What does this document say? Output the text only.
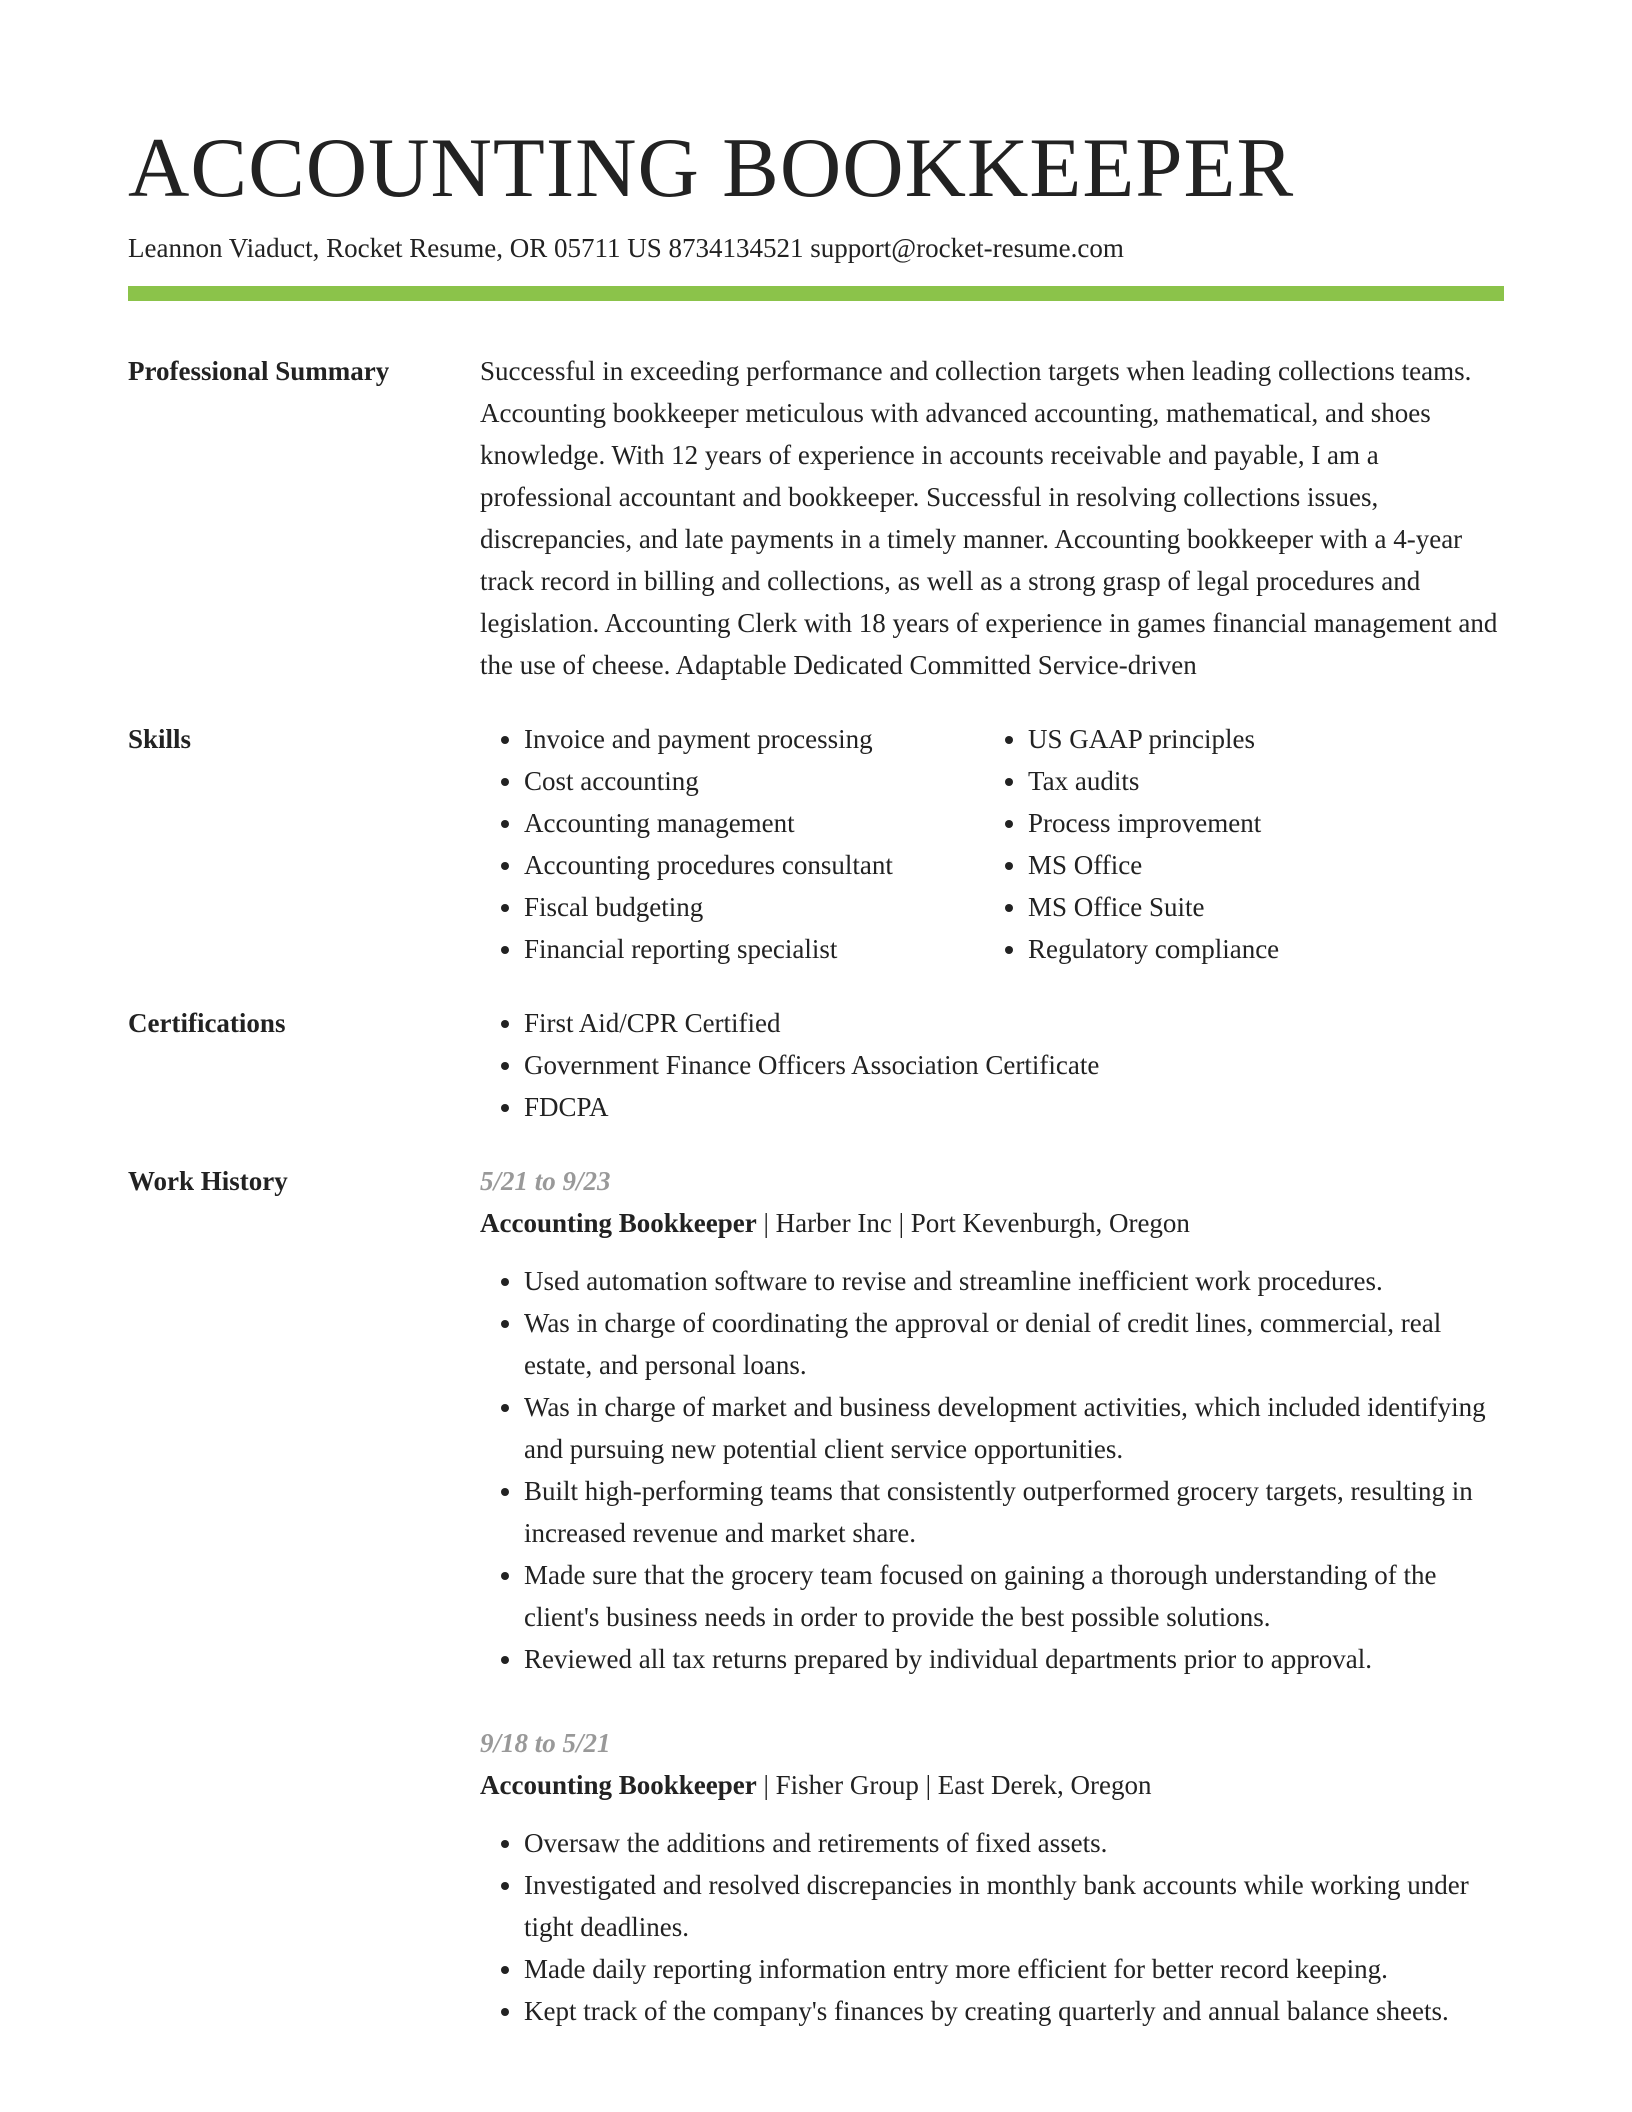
ACCOUNTING BOOKKEEPER
Leannon Viaduct, Rocket Resume, OR 05711 US 8734134521 support@rocket-resume.com
Professional Summary	Successful in exceeding performance and collection targets when leading collections teams. Accounting bookkeeper meticulous with advanced accounting, mathematical, and shoes knowledge. With 12 years of experience in accounts receivable and payable, I am a professional accountant and bookkeeper. Successful in resolving collections issues, discrepancies, and late payments in a timely manner. Accounting bookkeeper with a 4-year track record in billing and collections, as well as a strong grasp of legal procedures and legislation. Accounting Clerk with 18 years of experience in games financial management and the use of cheese. Adaptable Dedicated Committed Service-driven
Skills	• Invoice and payment processing
• Cost accounting
• Accounting management
• Accounting procedures consultant
• Fiscal budgeting
• Financial reporting specialist
• US GAAP principles
• Tax audits
• Process improvement
• MS Office
• MS Office Suite
• Regulatory compliance
Certifications	• First Aid/CPR Certified
• Government Finance Officers Association Certificate
• FDCPA
Work History	5/21 to 9/23
Accounting Bookkeeper | Harber Inc | Port Kevenburgh, Oregon
• Used automation software to revise and streamline inefficient work procedures.
• Was in charge of coordinating the approval or denial of credit lines, commercial, real estate, and personal loans.
• Was in charge of market and business development activities, which included identifying and pursuing new potential client service opportunities.
• Built high-performing teams that consistently outperformed grocery targets, resulting in increased revenue and market share.
• Made sure that the grocery team focused on gaining a thorough understanding of the client's business needs in order to provide the best possible solutions.
• Reviewed all tax returns prepared by individual departments prior to approval.
9/18 to 5/21
Accounting Bookkeeper | Fisher Group | East Derek, Oregon
• Oversaw the additions and retirements of fixed assets.
• Investigated and resolved discrepancies in monthly bank accounts while working under tight deadlines.
• Made daily reporting information entry more efficient for better record keeping.
• Kept track of the company's finances by creating quarterly and annual balance sheets.
